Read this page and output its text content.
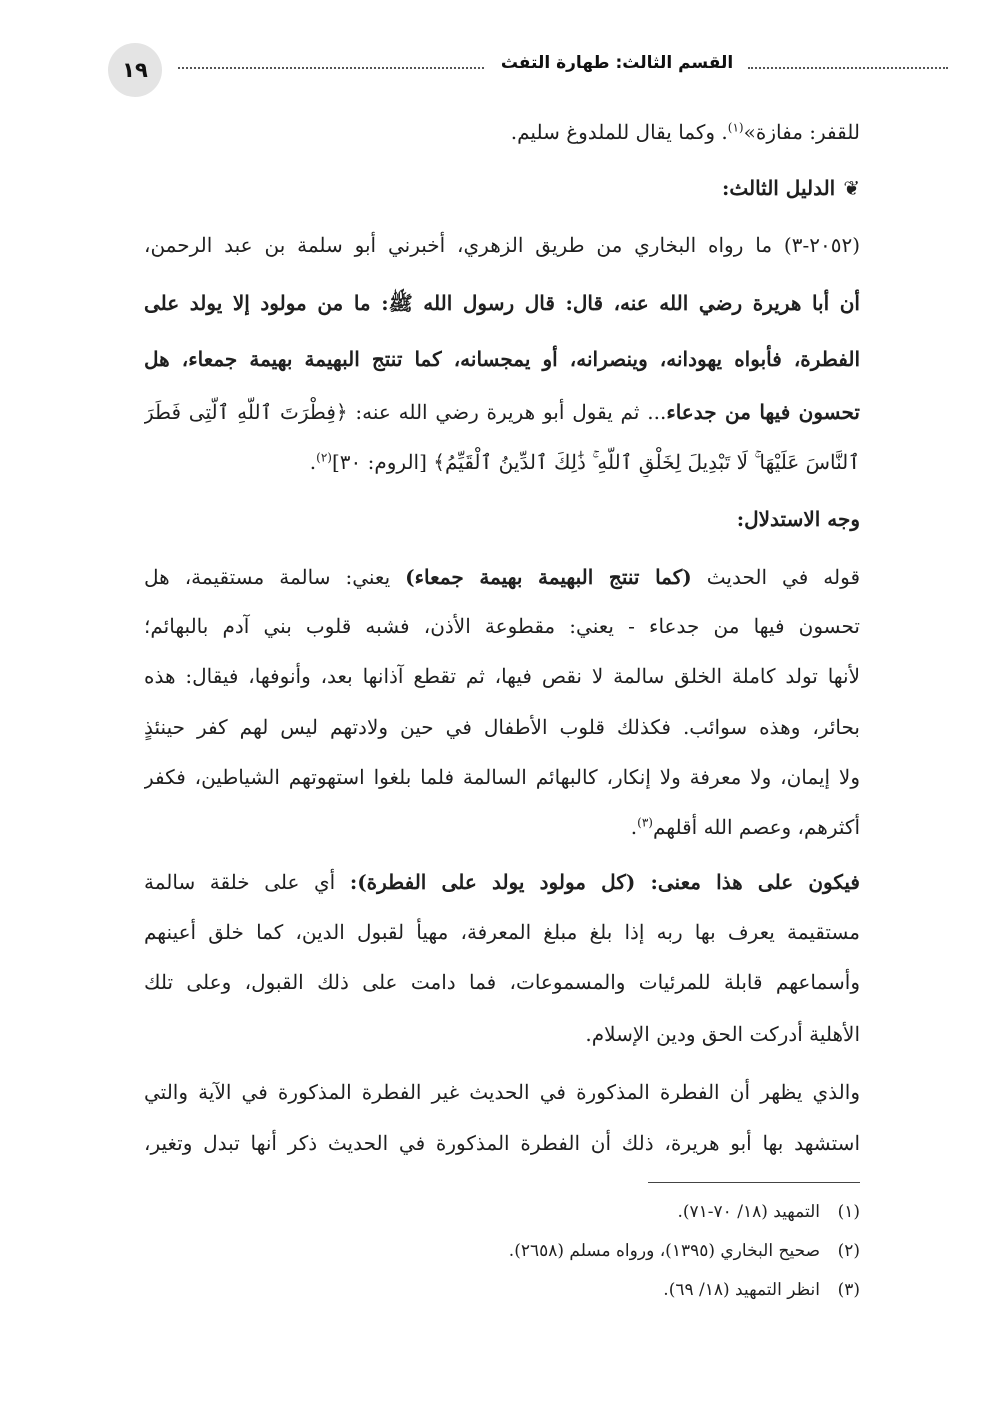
١٩	القسم الثالث: طهارة التفث
للقفر: مفازة»$^{(١)}$. وكما يقال للملدوغ سليم.
❦الدليل الثالث:
(٢٠٥٢-٣) ما رواه البخاري من طريق الزهري، أخبرني أبو سلمة بن عبد الرحمن،
أن أبا هريرة رضي الله عنه، قال: قال رسول الله ﷺ: ما من مولود إلا يولد على
الفطرة، فأبواه يهودانه، وينصرانه، أو يمجسانه، كما تنتج البهيمة بهيمة جمعاء، هل
تحسون فيها من جدعاء... ثم يقول أبو هريرة رضي الله عنه: ﴿فِطْرَتَ ٱللَّهِ ٱلَّتِى فَطَرَ
ٱلنَّاسَ عَلَيْهَا ۚ لَا تَبْدِيلَ لِخَلْقِ ٱللَّهِ ۚ ذَٰلِكَ ٱلدِّينُ ٱلْقَيِّمُ﴾ [الروم: ٣٠]$^{(٢)}$.
وجه الاستدلال:
قوله في الحديث (كما تنتج البهيمة بهيمة جمعاء) يعني: سالمة مستقيمة، هل
تحسون فيها من جدعاء - يعني: مقطوعة الأذن، فشبه قلوب بني آدم بالبهائم؛
لأنها تولد كاملة الخلق سالمة لا نقص فيها، ثم تقطع آذانها بعد، وأنوفها، فيقال: هذه
بحائر، وهذه سوائب. فكذلك قلوب الأطفال في حين ولادتهم ليس لهم كفر حينئذٍ
ولا إيمان، ولا معرفة ولا إنكار، كالبهائم السالمة فلما بلغوا استهوتهم الشياطين، فكفر
أكثرهم، وعصم الله أقلهم$^{(٣)}$.
فيكون على هذا معنى: (كل مولود يولد على الفطرة): أي على خلقة سالمة
مستقيمة يعرف بها ربه إذا بلغ مبلغ المعرفة، مهيأ لقبول الدين، كما خلق أعينهم
وأسماعهم قابلة للمرئيات والمسموعات، فما دامت على ذلك القبول، وعلى تلك
الأهلية أدركت الحق ودين الإسلام.
والذي يظهر أن الفطرة المذكورة في الحديث غير الفطرة المذكورة في الآية والتي
استشهد بها أبو هريرة، ذلك أن الفطرة المذكورة في الحديث ذكر أنها تبدل وتغير،
(١)التمهيد (١٨/ ٧٠-٧١).
(٢)صحيح البخاري (١٣٩٥)، ورواه مسلم (٢٦٥٨).
(٣)انظر التمهيد (١٨/ ٦٩).
